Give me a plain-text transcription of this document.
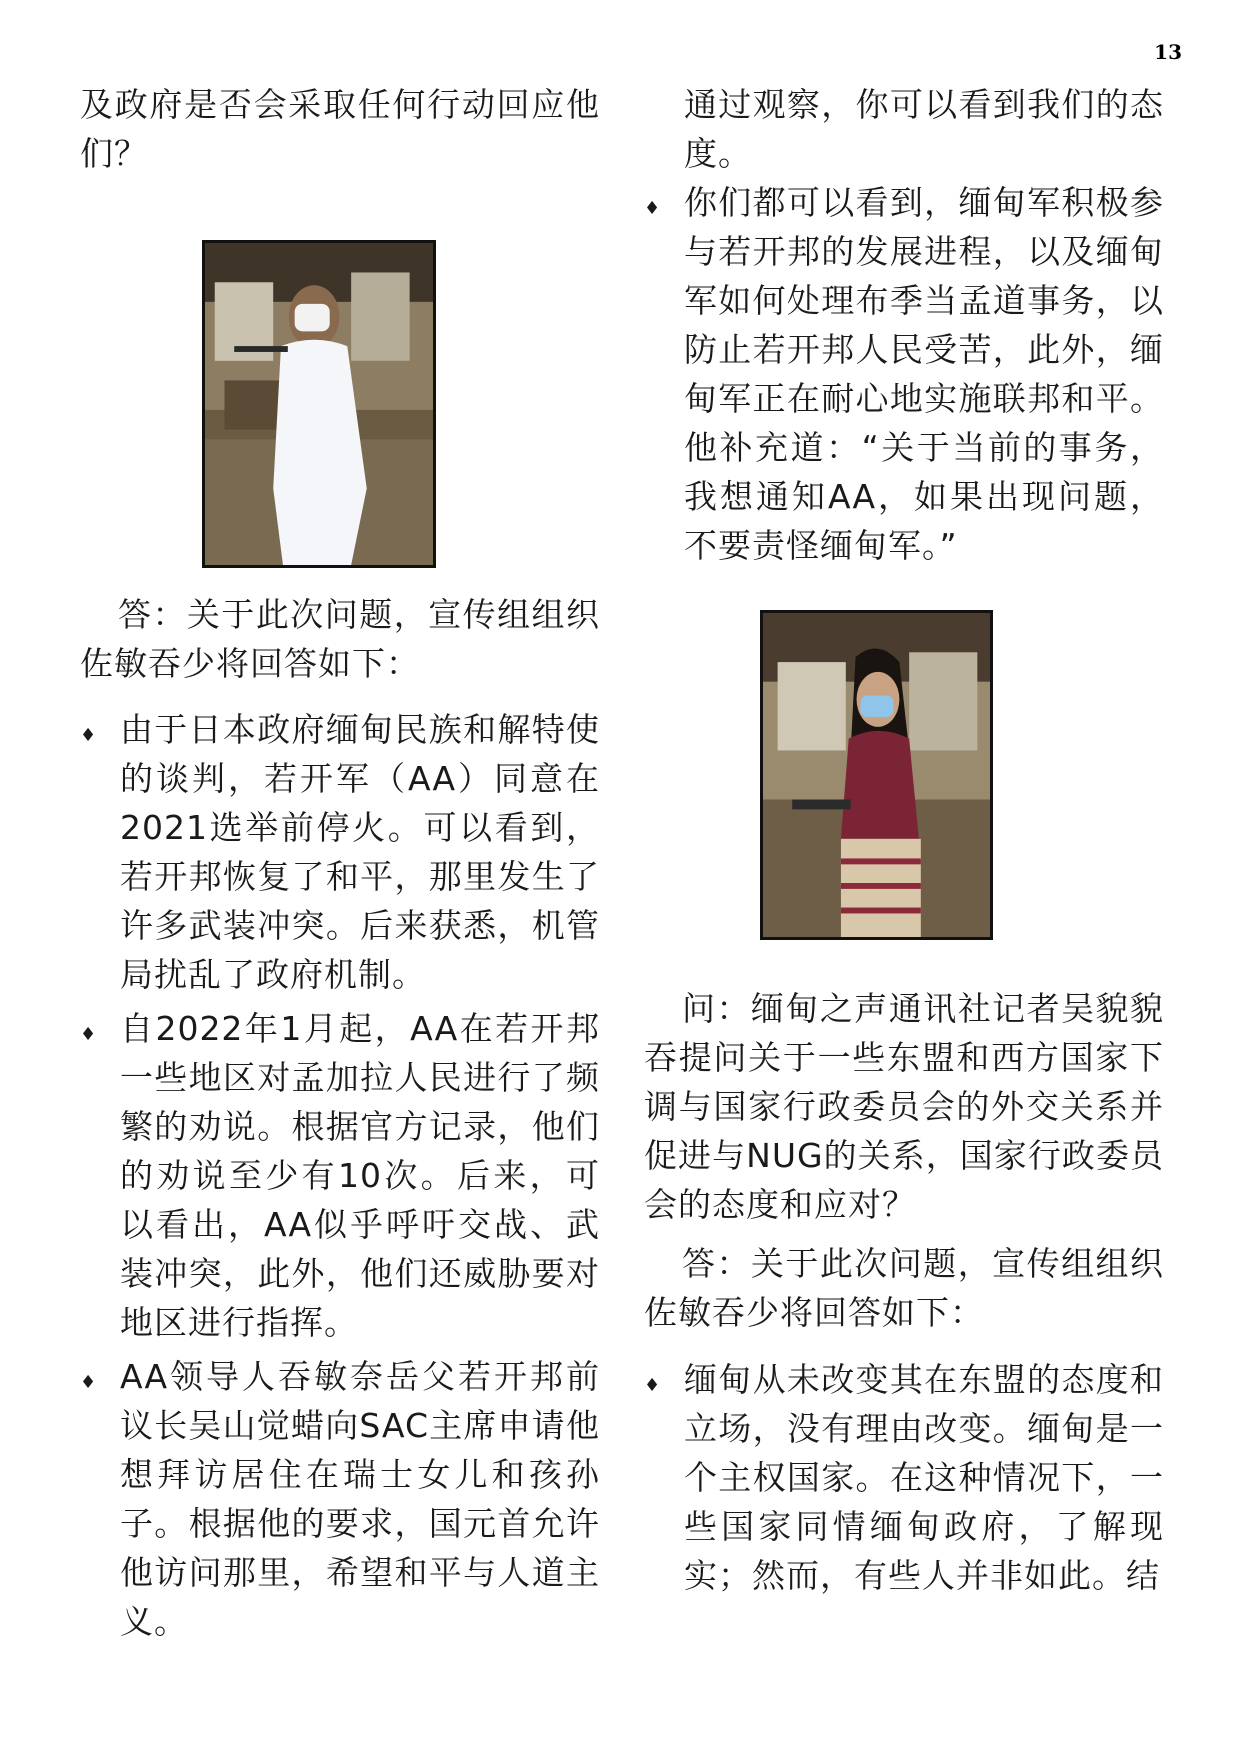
13

及政府是否会采取任何行动回应他们？

答：关于此次问题，宣传组组织佐敏吞少将回答如下：

♦ 由于日本政府缅甸民族和解特使的谈判，若开军（AA）同意在2021选举前停火。可以看到，若开邦恢复了和平，那里发生了许多武装冲突。后来获悉，机管局扰乱了政府机制。
♦ 自2022年1月起，AA在若开邦一些地区对孟加拉人民进行了频繁的劝说。根据官方记录，他们的劝说至少有10次。后来，可以看出，AA似乎呼吁交战、武装冲突，此外，他们还威胁要对地区进行指挥。
♦ AA领导人吞敏奈岳父若开邦前议长吴山觉蜡向SAC主席申请他想拜访居住在瑞士女儿和孩孙子。根据他的要求，国元首允许他访问那里，希望和平与人道主义。

通过观察，你可以看到我们的态度。

♦ 你们都可以看到，缅甸军积极参与若开邦的发展进程，以及缅甸军如何处理布季当孟道事务，以防止若开邦人民受苦，此外，缅甸军正在耐心地实施联邦和平。他补充道：“关于当前的事务，我想通知AA，如果出现问题，不要责怪缅甸军。”

问：缅甸之声通讯社记者吴貌貌吞提问关于一些东盟和西方国家下调与国家行政委员会的外交关系并促进与NUG的关系，国家行政委员会的态度和应对？

答：关于此次问题，宣传组组织佐敏吞少将回答如下：

♦ 缅甸从未改变其在东盟的态度和立场，没有理由改变。缅甸是一个主权国家。在这种情况下，一些国家同情缅甸政府，了解现实；然而，有些人并非如此。结
